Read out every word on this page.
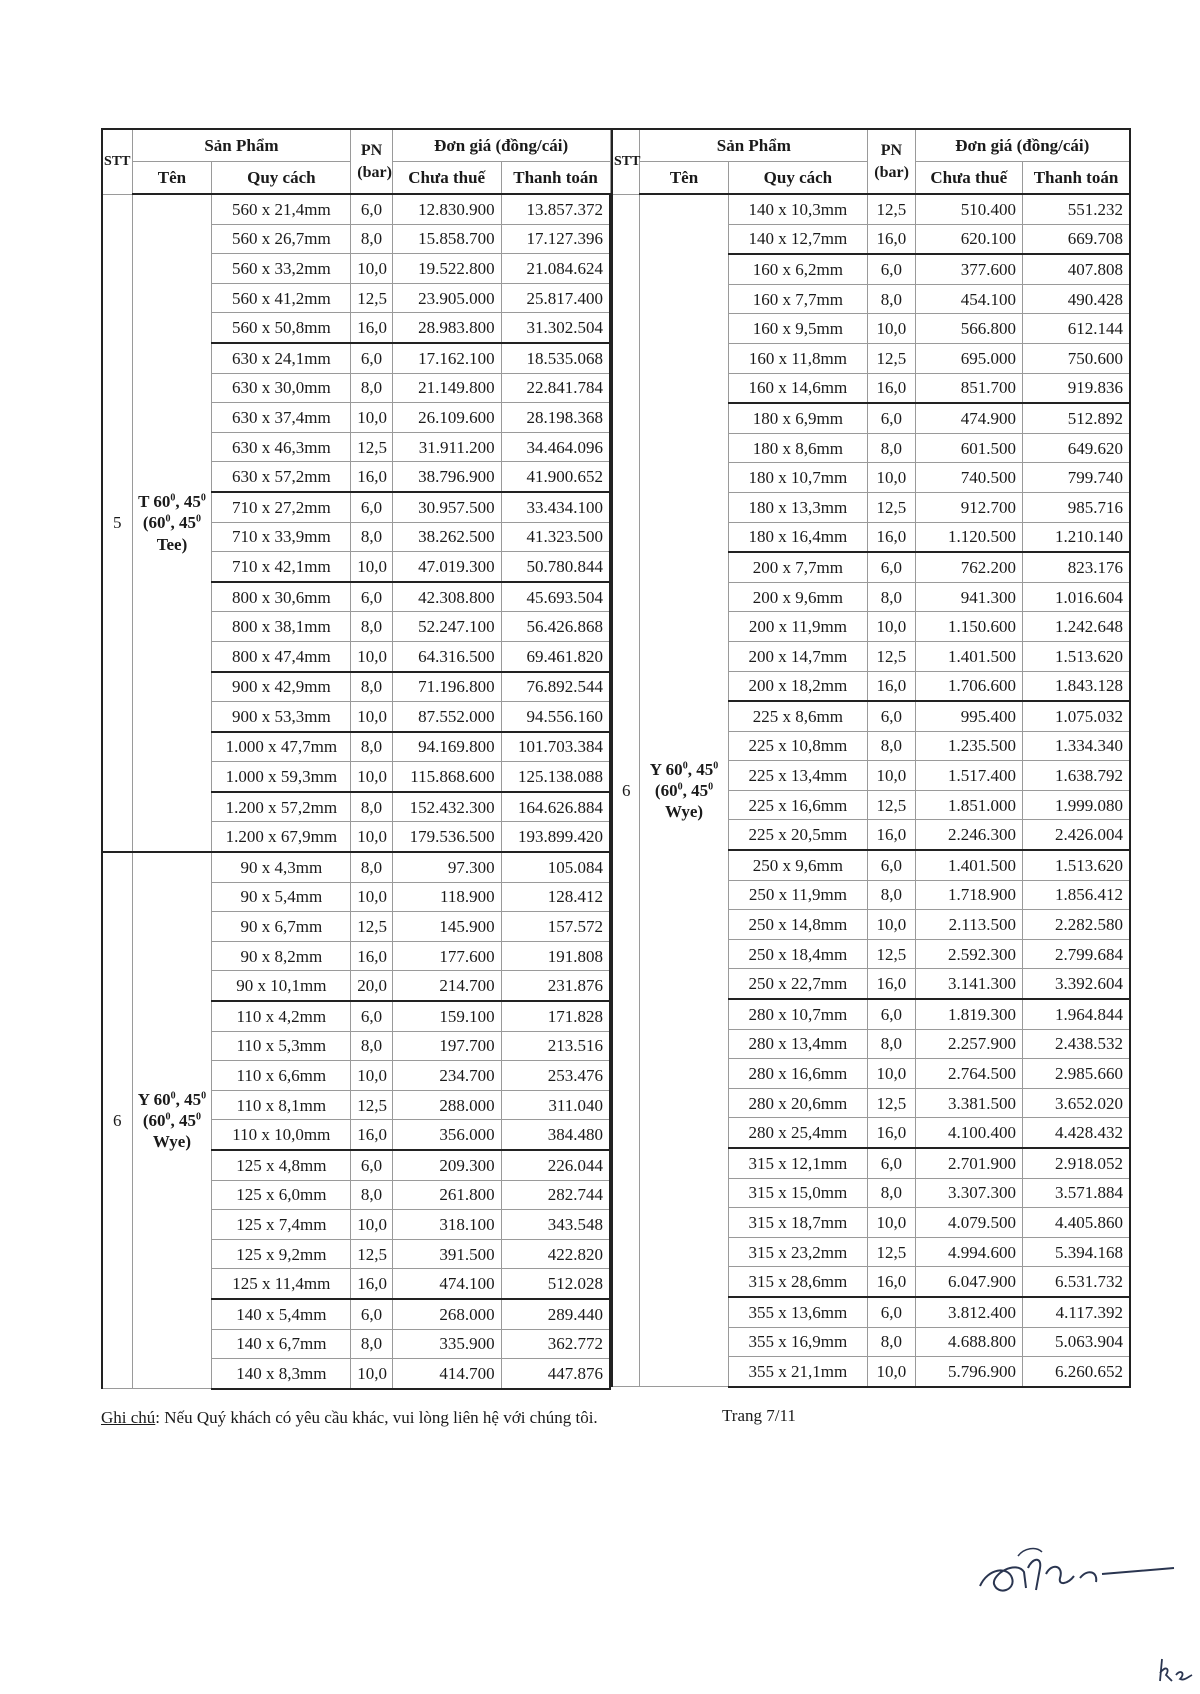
STT	Sản Phẩm		PN
(bar)	Đơn giá (đồng/cái)	
	Tên	Quy cách		Chưa thuế	Thanh toán
5	T $60^0$, $45^0$
($60^0$, $45^0$
Tee)	560 x 21,4mm	6,0	12.830.900	13.857.372
		560 x 26,7mm	8,0	15.858.700	17.127.396
		560 x 33,2mm	10,0	19.522.800	21.084.624
		560 x 41,2mm	12,5	23.905.000	25.817.400
		560 x 50,8mm	16,0	28.983.800	31.302.504
		630 x 24,1mm	6,0	17.162.100	18.535.068
		630 x 30,0mm	8,0	21.149.800	22.841.784
		630 x 37,4mm	10,0	26.109.600	28.198.368
		630 x 46,3mm	12,5	31.911.200	34.464.096
		630 x 57,2mm	16,0	38.796.900	41.900.652
		710 x 27,2mm	6,0	30.957.500	33.434.100
		710 x 33,9mm	8,0	38.262.500	41.323.500
		710 x 42,1mm	10,0	47.019.300	50.780.844
		800 x 30,6mm	6,0	42.308.800	45.693.504
		800 x 38,1mm	8,0	52.247.100	56.426.868
		800 x 47,4mm	10,0	64.316.500	69.461.820
		900 x 42,9mm	8,0	71.196.800	76.892.544
		900 x 53,3mm	10,0	87.552.000	94.556.160
		1.000 x 47,7mm	8,0	94.169.800	101.703.384
		1.000 x 59,3mm	10,0	115.868.600	125.138.088
		1.200 x 57,2mm	8,0	152.432.300	164.626.884
		1.200 x 67,9mm	10,0	179.536.500	193.899.420
6	Y $60^0$, $45^0$
($60^0$, $45^0$
Wye)	90 x 4,3mm	8,0	97.300	105.084
		90 x 5,4mm	10,0	118.900	128.412
		90 x 6,7mm	12,5	145.900	157.572
		90 x 8,2mm	16,0	177.600	191.808
		90 x 10,1mm	20,0	214.700	231.876
		110 x 4,2mm	6,0	159.100	171.828
		110 x 5,3mm	8,0	197.700	213.516
		110 x 6,6mm	10,0	234.700	253.476
		110 x 8,1mm	12,5	288.000	311.040
		110 x 10,0mm	16,0	356.000	384.480
		125 x 4,8mm	6,0	209.300	226.044
		125 x 6,0mm	8,0	261.800	282.744
		125 x 7,4mm	10,0	318.100	343.548
		125 x 9,2mm	12,5	391.500	422.820
		125 x 11,4mm	16,0	474.100	512.028
		140 x 5,4mm	6,0	268.000	289.440
		140 x 6,7mm	8,0	335.900	362.772
		140 x 8,3mm	10,0	414.700	447.876
STT	Sản Phẩm		PN
(bar)	Đơn giá (đồng/cái)	
	Tên	Quy cách		Chưa thuế	Thanh toán
6	Y $60^0$, $45^0$
($60^0$, $45^0$
Wye)	140 x 10,3mm	12,5	510.400	551.232
		140 x 12,7mm	16,0	620.100	669.708
		160 x 6,2mm	6,0	377.600	407.808
		160 x 7,7mm	8,0	454.100	490.428
		160 x 9,5mm	10,0	566.800	612.144
		160 x 11,8mm	12,5	695.000	750.600
		160 x 14,6mm	16,0	851.700	919.836
		180 x 6,9mm	6,0	474.900	512.892
		180 x 8,6mm	8,0	601.500	649.620
		180 x 10,7mm	10,0	740.500	799.740
		180 x 13,3mm	12,5	912.700	985.716
		180 x 16,4mm	16,0	1.120.500	1.210.140
		200 x 7,7mm	6,0	762.200	823.176
		200 x 9,6mm	8,0	941.300	1.016.604
		200 x 11,9mm	10,0	1.150.600	1.242.648
		200 x 14,7mm	12,5	1.401.500	1.513.620
		200 x 18,2mm	16,0	1.706.600	1.843.128
		225 x 8,6mm	6,0	995.400	1.075.032
		225 x 10,8mm	8,0	1.235.500	1.334.340
		225 x 13,4mm	10,0	1.517.400	1.638.792
		225 x 16,6mm	12,5	1.851.000	1.999.080
		225 x 20,5mm	16,0	2.246.300	2.426.004
		250 x 9,6mm	6,0	1.401.500	1.513.620
		250 x 11,9mm	8,0	1.718.900	1.856.412
		250 x 14,8mm	10,0	2.113.500	2.282.580
		250 x 18,4mm	12,5	2.592.300	2.799.684
		250 x 22,7mm	16,0	3.141.300	3.392.604
		280 x 10,7mm	6,0	1.819.300	1.964.844
		280 x 13,4mm	8,0	2.257.900	2.438.532
		280 x 16,6mm	10,0	2.764.500	2.985.660
		280 x 20,6mm	12,5	3.381.500	3.652.020
		280 x 25,4mm	16,0	4.100.400	4.428.432
		315 x 12,1mm	6,0	2.701.900	2.918.052
		315 x 15,0mm	8,0	3.307.300	3.571.884
		315 x 18,7mm	10,0	4.079.500	4.405.860
		315 x 23,2mm	12,5	4.994.600	5.394.168
		315 x 28,6mm	16,0	6.047.900	6.531.732
		355 x 13,6mm	6,0	3.812.400	4.117.392
		355 x 16,9mm	8,0	4.688.800	5.063.904
		355 x 21,1mm	10,0	5.796.900	6.260.652
Ghi chú: Nếu Quý khách có yêu cầu khác, vui lòng liên hệ với chúng tôi.	Trang 7/11
